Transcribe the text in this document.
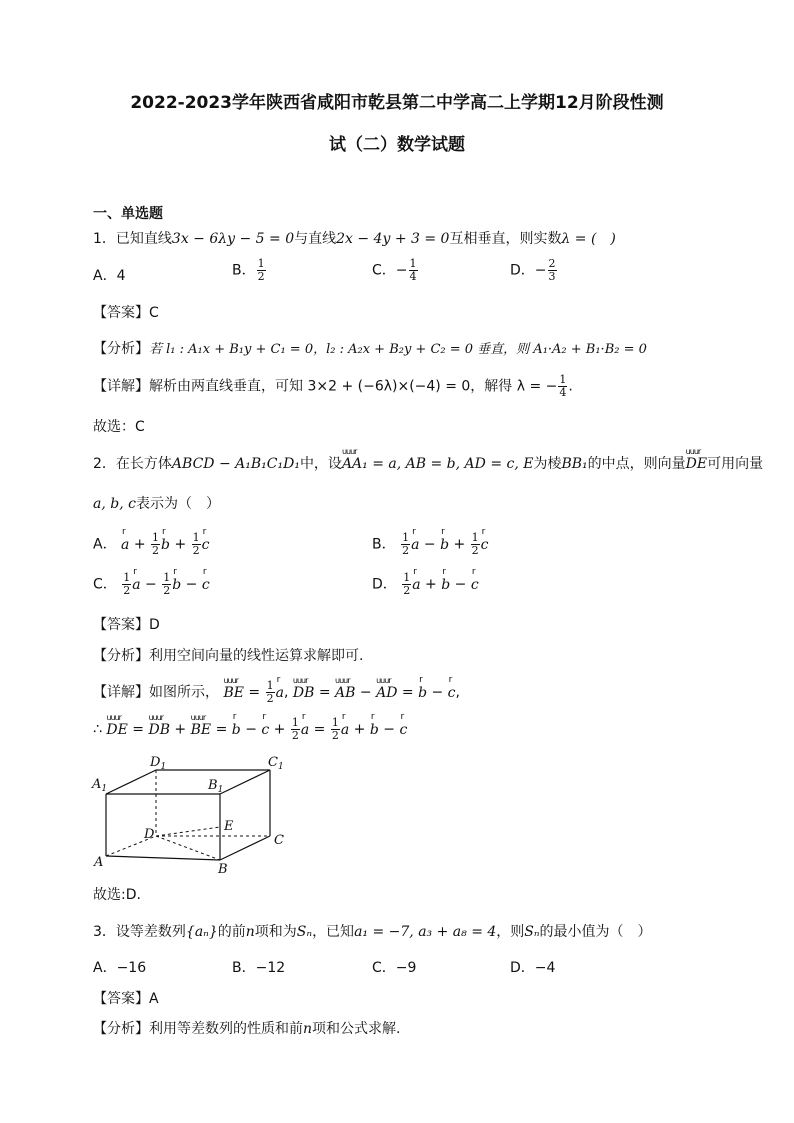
2022-2023学年陕西省咸阳市乾县第二中学高二上学期12月阶段性测
试（二）数学试题
一、单选题
1．已知直线3x − 6λy − 5 = 0与直线2x − 4y + 3 = 0互相垂直，则实数λ = (　)
A．4	B． $\frac{1}{2}$	C．− $\frac{1}{4}$	D．− $\frac{2}{3}$
【答案】C
【分析】若 l₁ : A₁x + B₁y + C₁ = 0，l₂ : A₂x + B₂y + C₂ = 0 垂直，则 A₁·A₂ + B₁·B₂ = 0
【详解】解析由两直线垂直，可知 3×2 + (−6λ)×(−4) = 0，解得 λ = − $\frac{1}{4}$ .
故选：C
2．在长方体ABCD − A₁B₁C₁D₁中，设uuur AA₁ = a, AB = b, AD = c, E为棱BB₁的中点，则向量uuur DE可用向量
a, b, c表示为（　）
A． r $a + \frac{1}{2}$ r $b + \frac{1}{2}$ r c	B． $\frac{1}{2}$ r a − r $b + \frac{1}{2}$ r c
C． $\frac{1}{2}$ r $a - \frac{1}{2}$ r b − r c	D． $\frac{1}{2}$ r a + r b − r c
【答案】D
【分析】利用空间向量的线性运算求解即可.
【详解】如图所示， uuur BE = $\frac{1}{2}$ r a, uuur DB = uuur AB − uuur AD = r b − r c,
∴ uuur DE = uuur DB + uuur BE = r b − r $c + \frac{1}{2}$ r $a = \frac{1}{2}$ r a + r b − r c
$A_1$
$D_1$
$B_1$
$C_1$
A
D
E
C
B
故选:D.
3．设等差数列{aₙ}的前n项和为Sₙ，已知a₁ = −7, a₃ + a₈ = 4，则Sₙ的最小值为（　）
A．−16	B．−12	C．−9	D．−4
【答案】A
【分析】利用等差数列的性质和前n项和公式求解.
